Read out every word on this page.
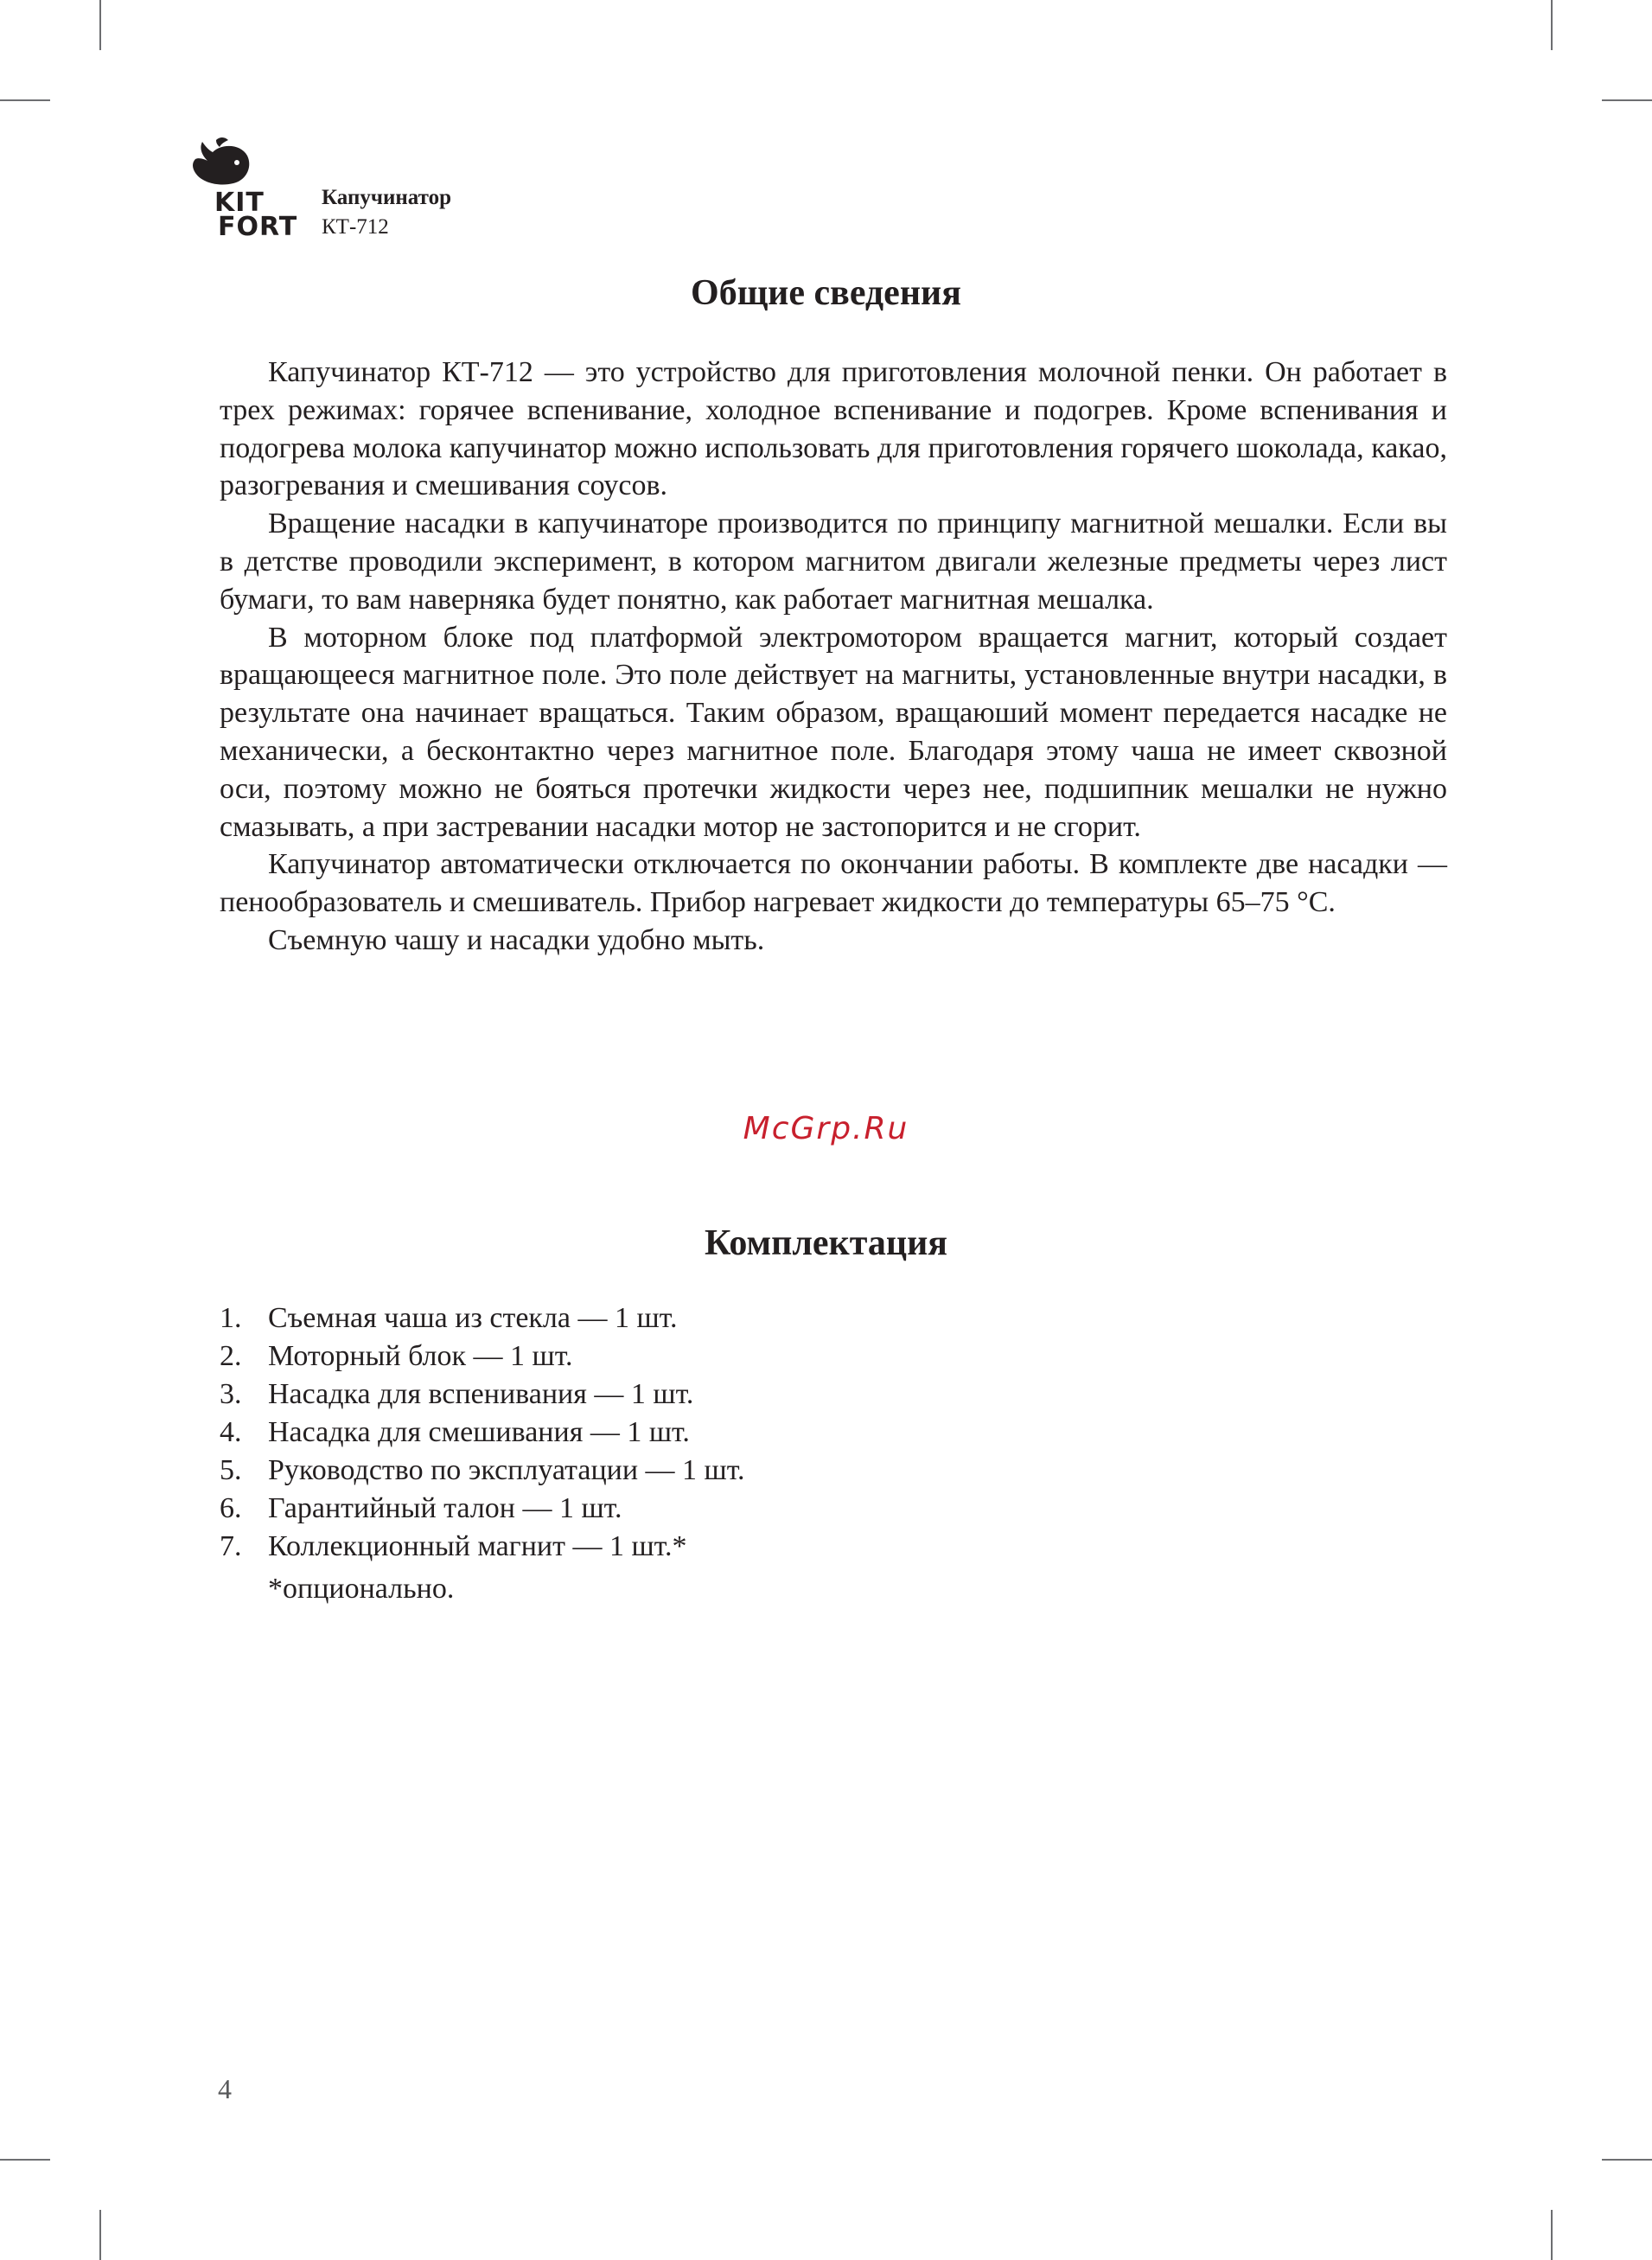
KIT
FORT
Капучинатор
КТ-712
Общие сведения

Капучинатор КТ-712 — это устройство для приготовления молочной пенки. Он работает в трех режимах: горячее вспенивание, холодное вспенивание и подогрев. Кроме вспенивания и подогрева молока капучинатор можно использовать для приготовления горячего шоколада, какао, разогревания и смешивания соусов.

Вращение насадки в капучинаторе производится по принципу магнитной мешалки. Если вы в детстве проводили эксперимент, в котором магнитом двигали железные предметы через лист бумаги, то вам наверняка будет понятно, как работает магнитная мешалка.

В моторном блоке под платформой электромотором вращается магнит, который создает вращающееся магнитное поле. Это поле действует на магниты, установленные внутри насадки, в результате она начинает вращаться. Таким образом, вращаюший момент передается насадке не механически, а бесконтактно через магнитное поле. Благодаря этому чаша не имеет сквозной оси, поэтому можно не бояться протечки жидкости через нее, подшипник мешалки не нужно смазывать, а при застревании насадки мотор не застопорится и не сгорит.

Капучинатор автоматически отключается по окончании работы. В комплекте две насадки — пенообразователь и смешиватель. Прибор нагревает жидкости до температуры 65–75 °С.

Съемную чашу и насадки удобно мыть.

McGrp.Ru
Комплектация
1. Съемная чаша из стекла — 1 шт.
2. Моторный блок — 1 шт.
3. Насадка для вспенивания — 1 шт.
4. Насадка для смешивания — 1 шт.
5. Руководство по эксплуатации — 1 шт.
6. Гарантийный талон — 1 шт.
7. Коллекционный магнит — 1 шт.*
*опционально.
4
